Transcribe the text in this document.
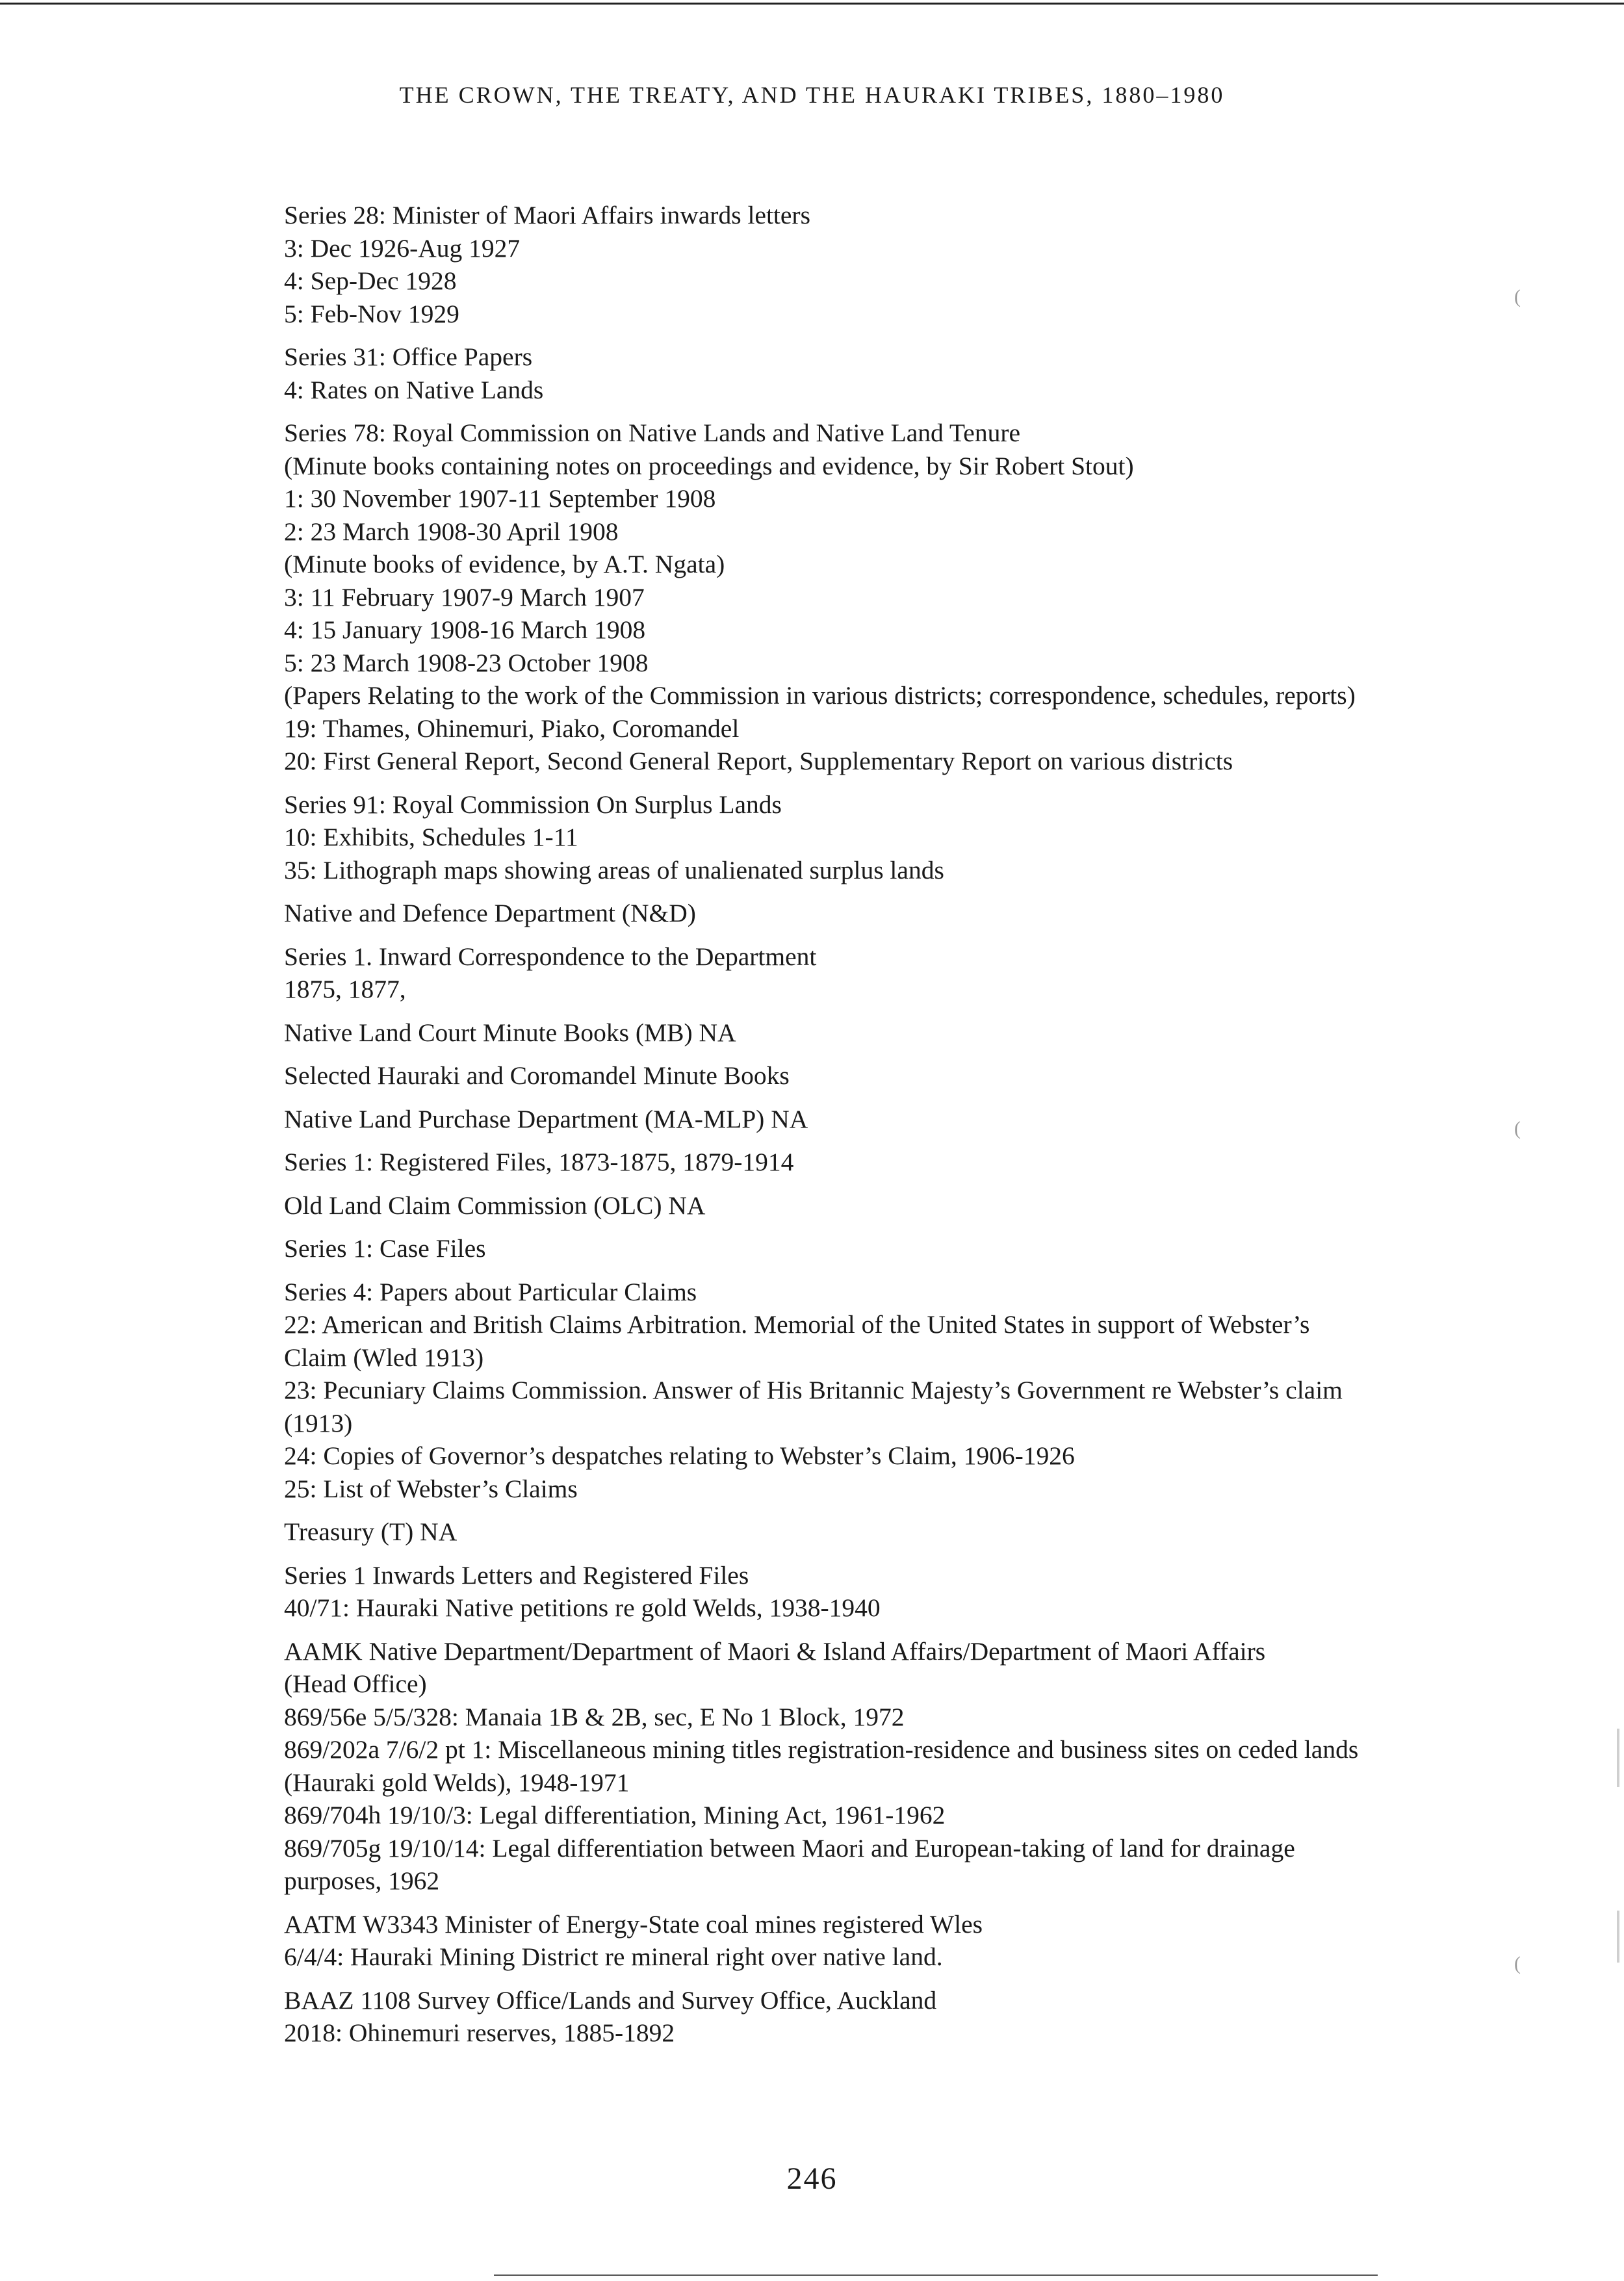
THE CROWN, THE TREATY, AND THE HAURAKI TRIBES, 1880–1980
Series 28: Minister of Maori Affairs inwards letters
3: Dec 1926-Aug 1927
4: Sep-Dec 1928
5: Feb-Nov 1929
Series 31: Office Papers
4: Rates on Native Lands
Series 78: Royal Commission on Native Lands and Native Land Tenure
(Minute books containing notes on proceedings and evidence, by Sir Robert Stout)
1: 30 November 1907-11 September 1908
2: 23 March 1908-30 April 1908
(Minute books of evidence, by A.T. Ngata)
3: 11 February 1907-9 March 1907
4: 15 January 1908-16 March 1908
5: 23 March 1908-23 October 1908
(Papers Relating to the work of the Commission in various districts; correspondence, schedules, reports)
19: Thames, Ohinemuri, Piako, Coromandel
20: First General Report, Second General Report, Supplementary Report on various districts
Series 91: Royal Commission On Surplus Lands
10: Exhibits, Schedules 1-11
35: Lithograph maps showing areas of unalienated surplus lands
Native and Defence Department (N&D)
Series 1. Inward Correspondence to the Department
1875, 1877,
Native Land Court Minute Books (MB) NA
Selected Hauraki and Coromandel Minute Books
Native Land Purchase Department (MA-MLP) NA
Series 1: Registered Files, 1873-1875, 1879-1914
Old Land Claim Commission (OLC) NA
Series 1: Case Files
Series 4: Papers about Particular Claims
22: American and British Claims Arbitration. Memorial of the United States in support of Webster’s
Claim (Wled 1913)
23: Pecuniary Claims Commission. Answer of His Britannic Majesty’s Government re Webster’s claim
(1913)
24: Copies of Governor’s despatches relating to Webster’s Claim, 1906-1926
25: List of Webster’s Claims
Treasury (T) NA
Series 1 Inwards Letters and Registered Files
40/71: Hauraki Native petitions re gold Welds, 1938-1940
AAMK Native Department/Department of Maori & Island Affairs/Department of Maori Affairs
(Head Office)
869/56e 5/5/328: Manaia 1B & 2B, sec, E No 1 Block, 1972
869/202a 7/6/2 pt 1: Miscellaneous mining titles registration-residence and business sites on ceded lands
(Hauraki gold Welds), 1948-1971
869/704h 19/10/3: Legal differentiation, Mining Act, 1961-1962
869/705g 19/10/14: Legal differentiation between Maori and European-taking of land for drainage
purposes, 1962
AATM W3343 Minister of Energy-State coal mines registered Wles
6/4/4: Hauraki Mining District re mineral right over native land.
BAAZ 1108 Survey Office/Lands and Survey Office, Auckland
2018: Ohinemuri reserves, 1885-1892
246
(
(
(
